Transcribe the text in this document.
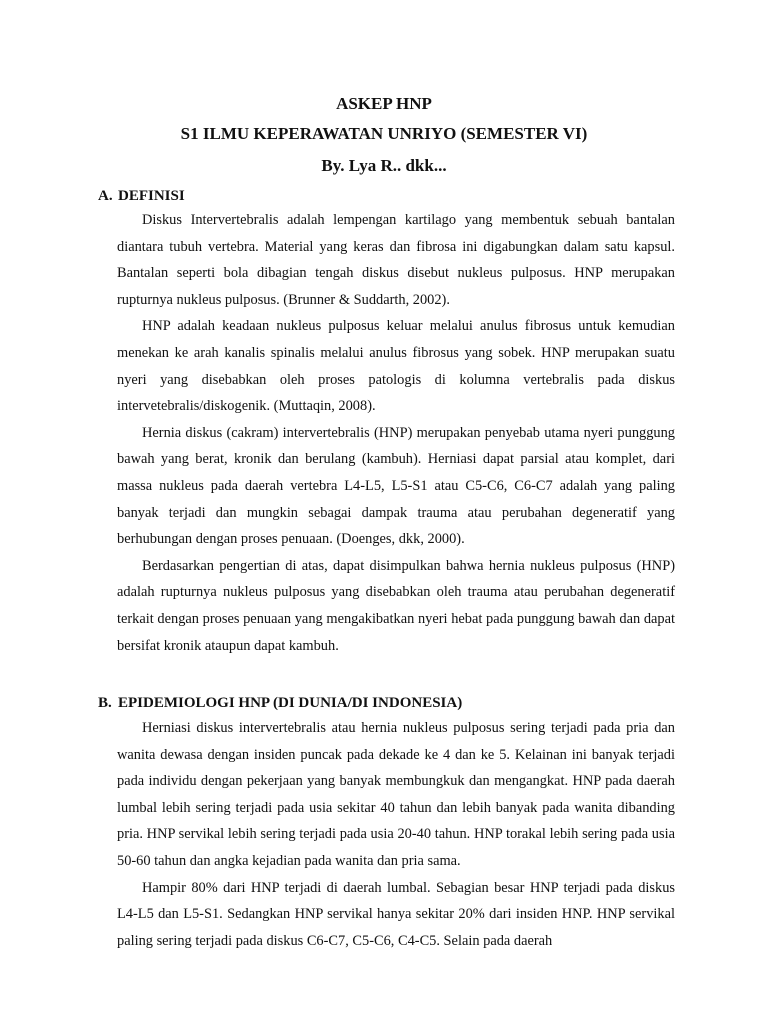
ASKEP HNP
S1 ILMU KEPERAWATAN UNRIYO (SEMESTER VI)
By. Lya R.. dkk...
A. DEFINISI

Diskus Intervertebralis adalah lempengan kartilago yang membentuk sebuah bantalan diantara tubuh vertebra. Material yang keras dan fibrosa ini digabungkan dalam satu kapsul. Bantalan seperti bola dibagian tengah diskus disebut nukleus pulposus. HNP merupakan rupturnya nukleus pulposus. (Brunner & Suddarth, 2002).

HNP adalah keadaan nukleus pulposus keluar melalui anulus fibrosus untuk kemudian menekan ke arah kanalis spinalis melalui anulus fibrosus yang sobek. HNP merupakan suatu nyeri yang disebabkan oleh proses patologis di kolumna vertebralis pada diskus intervetebralis/diskogenik. (Muttaqin, 2008).

Hernia diskus (cakram) intervertebralis (HNP) merupakan penyebab utama nyeri punggung bawah yang berat, kronik dan berulang (kambuh). Herniasi dapat parsial atau komplet, dari massa nukleus pada daerah vertebra L4-L5, L5-S1 atau C5-C6, C6-C7 adalah yang paling banyak terjadi dan mungkin sebagai dampak trauma atau perubahan degeneratif yang berhubungan dengan proses penuaan. (Doenges, dkk, 2000).

Berdasarkan pengertian di atas, dapat disimpulkan bahwa hernia nukleus pulposus (HNP) adalah rupturnya nukleus pulposus yang disebabkan oleh trauma atau perubahan degeneratif terkait dengan proses penuaan yang mengakibatkan nyeri hebat pada punggung bawah dan dapat bersifat kronik ataupun dapat kambuh.

B. EPIDEMIOLOGI HNP (DI DUNIA/DI INDONESIA)

Herniasi diskus intervertebralis atau hernia nukleus pulposus sering terjadi pada pria dan wanita dewasa dengan insiden puncak pada dekade ke 4 dan ke 5. Kelainan ini banyak terjadi pada individu dengan pekerjaan yang banyak membungkuk dan mengangkat. HNP pada daerah lumbal lebih sering terjadi pada usia sekitar 40 tahun dan lebih banyak pada wanita dibanding pria. HNP servikal lebih sering terjadi pada usia 20-40 tahun. HNP torakal lebih sering pada usia 50-60 tahun dan angka kejadian pada wanita dan pria sama.

Hampir 80% dari HNP terjadi di daerah lumbal. Sebagian besar HNP terjadi pada diskus L4-L5 dan L5-S1. Sedangkan HNP servikal hanya sekitar 20% dari insiden HNP. HNP servikal paling sering terjadi pada diskus C6-C7, C5-C6, C4-C5. Selain pada daerah
